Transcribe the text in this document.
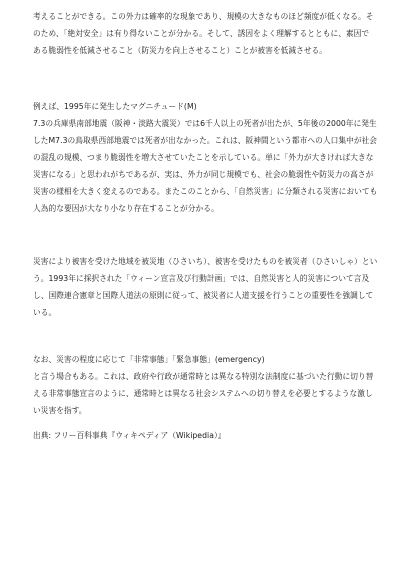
考えることができる。この外力は確率的な現象であり、規模の大きなものほど頻度が低くなる。そ
のため、「絶対安全」は有り得ないことが分かる。そして、誘因をよく理解するとともに、素因で
ある脆弱性を低減させること（防災力を向上させること）ことが被害を低減させる。

例えば、1995年に発生したマグニチュード(M)
7.3の兵庫県南部地震（阪神・淡路大震災）では6千人以上の死者が出たが、5年後の2000年に発生
したM7.3の鳥取県西部地震では死者が出なかった。これは、阪神間という都市への人口集中が社会
の混乱の規模、つまり脆弱性を増大させていたことを示している。単に「外力が大きければ大きな
災害になる」と思われがちであるが、実は、外力が同じ規模でも、社会の脆弱性や防災力の高さが
災害の様相を大きく変えるのである。またこのことから、「自然災害」に分類される災害においても
人為的な要因が大なり小なり存在することが分かる。

災害により被害を受けた地域を被災地（ひさいち）、被害を受けたものを被災者（ひさいしゃ）とい
う。1993年に採択された「ウィーン宣言及び行動計画」では、自然災害と人的災害について言及
し、国際連合憲章と国際人道法の原則に従って、被災者に人道支援を行うことの重要性を強調して
いる。

なお、災害の程度に応じて「非常事態」「緊急事態」(emergency)
と言う場合もある。これは、政府や行政が通常時とは異なる特別な法制度に基づいた行動に切り替
える非常事態宣言のように、通常時とは異なる社会システムへの切り替えを必要とするような激し
い災害を指す。

出典: フリー百科事典『ウィキペディア（Wikipedia）』
